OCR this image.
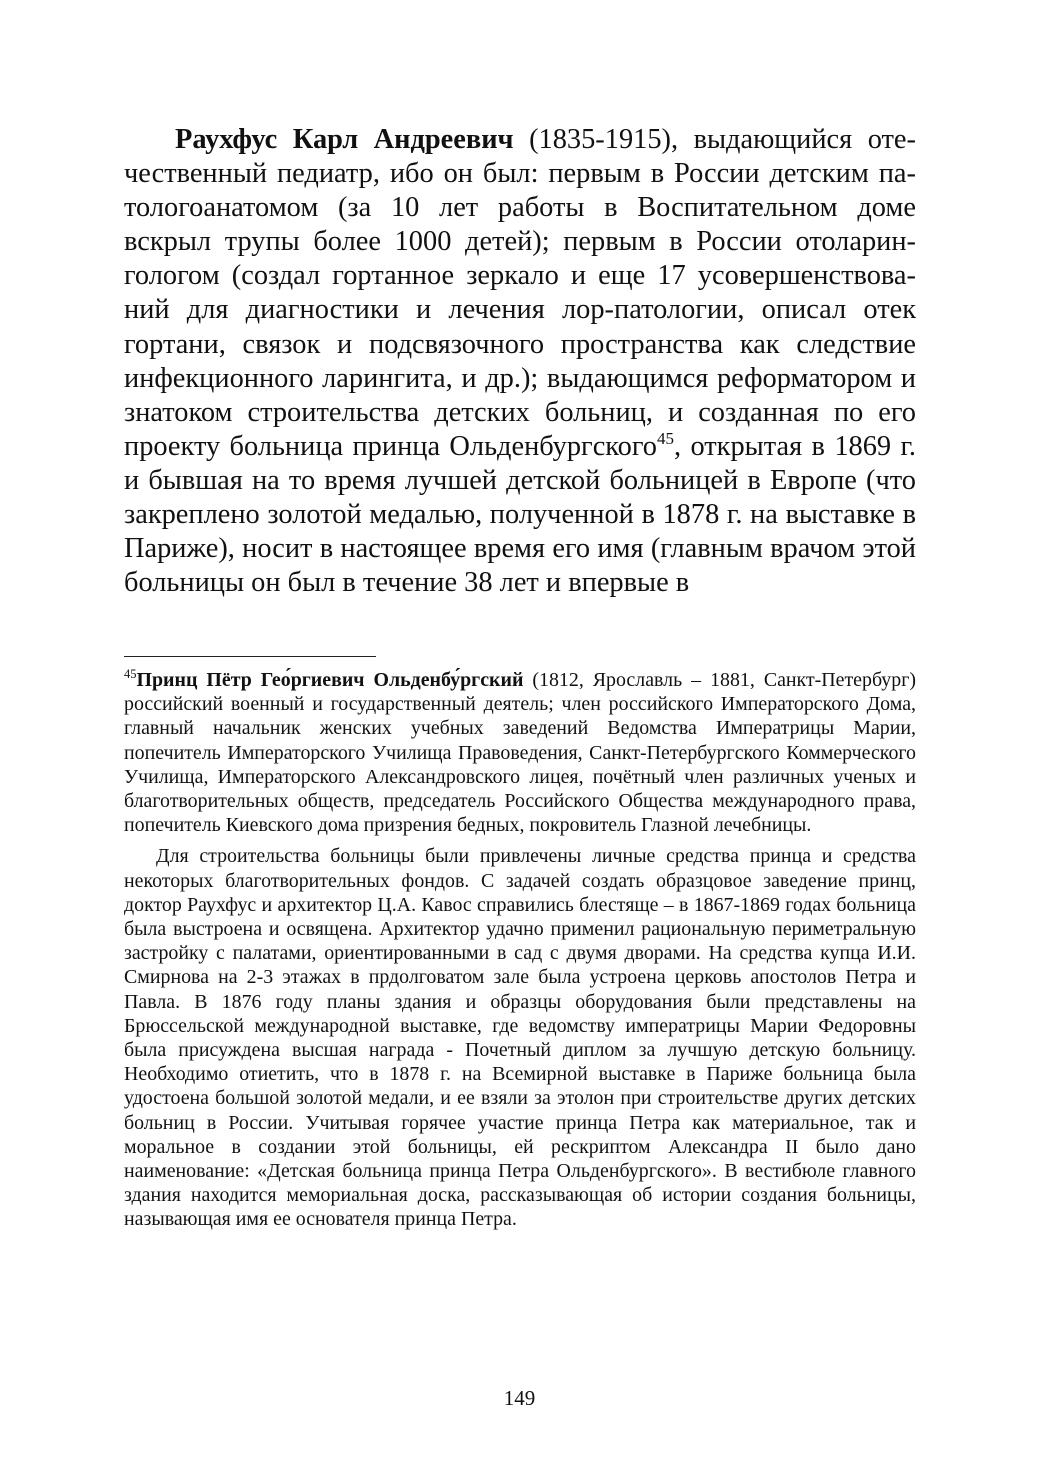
Раухфус Карл Андреевич (1835-1915), выдающийся отечественный педиатр, ибо он был: первым в России детским патологоанатомом (за 10 лет работы в Воспитательном доме вскрыл трупы более 1000 детей); первым в России отоларингологом (создал гортанное зеркало и еще 17 усовершенствований для диагностики и лечения лор-патологии, описал отек гортани, связок и подсвязочного пространства как следствие инфекционного ларингита, и др.); выдающимся реформатором и знатоком строительства детских больниц, и созданная по его проекту больница принца Ольденбургского$^{45}$, открытая в 1869 г. и бывшая на то время лучшей детской больницей в Европе (что закреплено золотой медалью, полученной в 1878 г. на выставке в Париже), носит в настоящее время его имя (главным врачом этой больницы он был в течение 38 лет и впервые в

$^{45}$Принц Пётр Гео́ргиевич Ольденбу́ргский (1812, Ярославль – 1881, Санкт-Петербург) российский военный и государственный деятель; член российского Императорского Дома, главный начальник женских учебных заведений Ведомства Императрицы Марии, попечитель Императорского Училища Правоведения, Санкт-Петербургского Коммерческого Училища, Императорского Александровского лицея, почётный член различных ученых и благотворительных обществ, председатель Российского Общества международного права, попечитель Киевского дома призрения бедных, покровитель Глазной лечебницы.

Для строительства больницы были привлечены личные средства принца и средства некоторых благотворительных фондов. С задачей создать образцовое заведение принц, доктор Раухфус и архитектор Ц.А. Кавос справились блестяще – в 1867-1869 годах больница была выстроена и освящена. Архитектор удачно применил рациональную периметральную застройку с палатами, ориентированными в сад с двумя дворами. На средства купца И.И. Смирнова на 2-3 этажах в прдолговатом зале была устроена церковь апостолов Петра и Павла. В 1876 году планы здания и образцы оборудования были представлены на Брюссельской международной выставке, где ведомству императрицы Марии Федоровны была присуждена высшая награда - Почетный диплом за лучшую детскую больницу. Необходимо отиетить, что в 1878 г. на Всемирной выставке в Париже больница была удостоена большой золотой медали, и ее взяли за этолон при строительстве других детских больниц в России. Учитывая горячее участие принца Петра как материальное, так и моральное в создании этой больницы, ей рескриптом Александра II было дано наименование: «Детская больница принца Петра Ольденбургского». В вестибюле главного здания находится мемориальная доска, рассказывающая об истории создания больницы, называющая имя ее основателя принца Петра.

149
